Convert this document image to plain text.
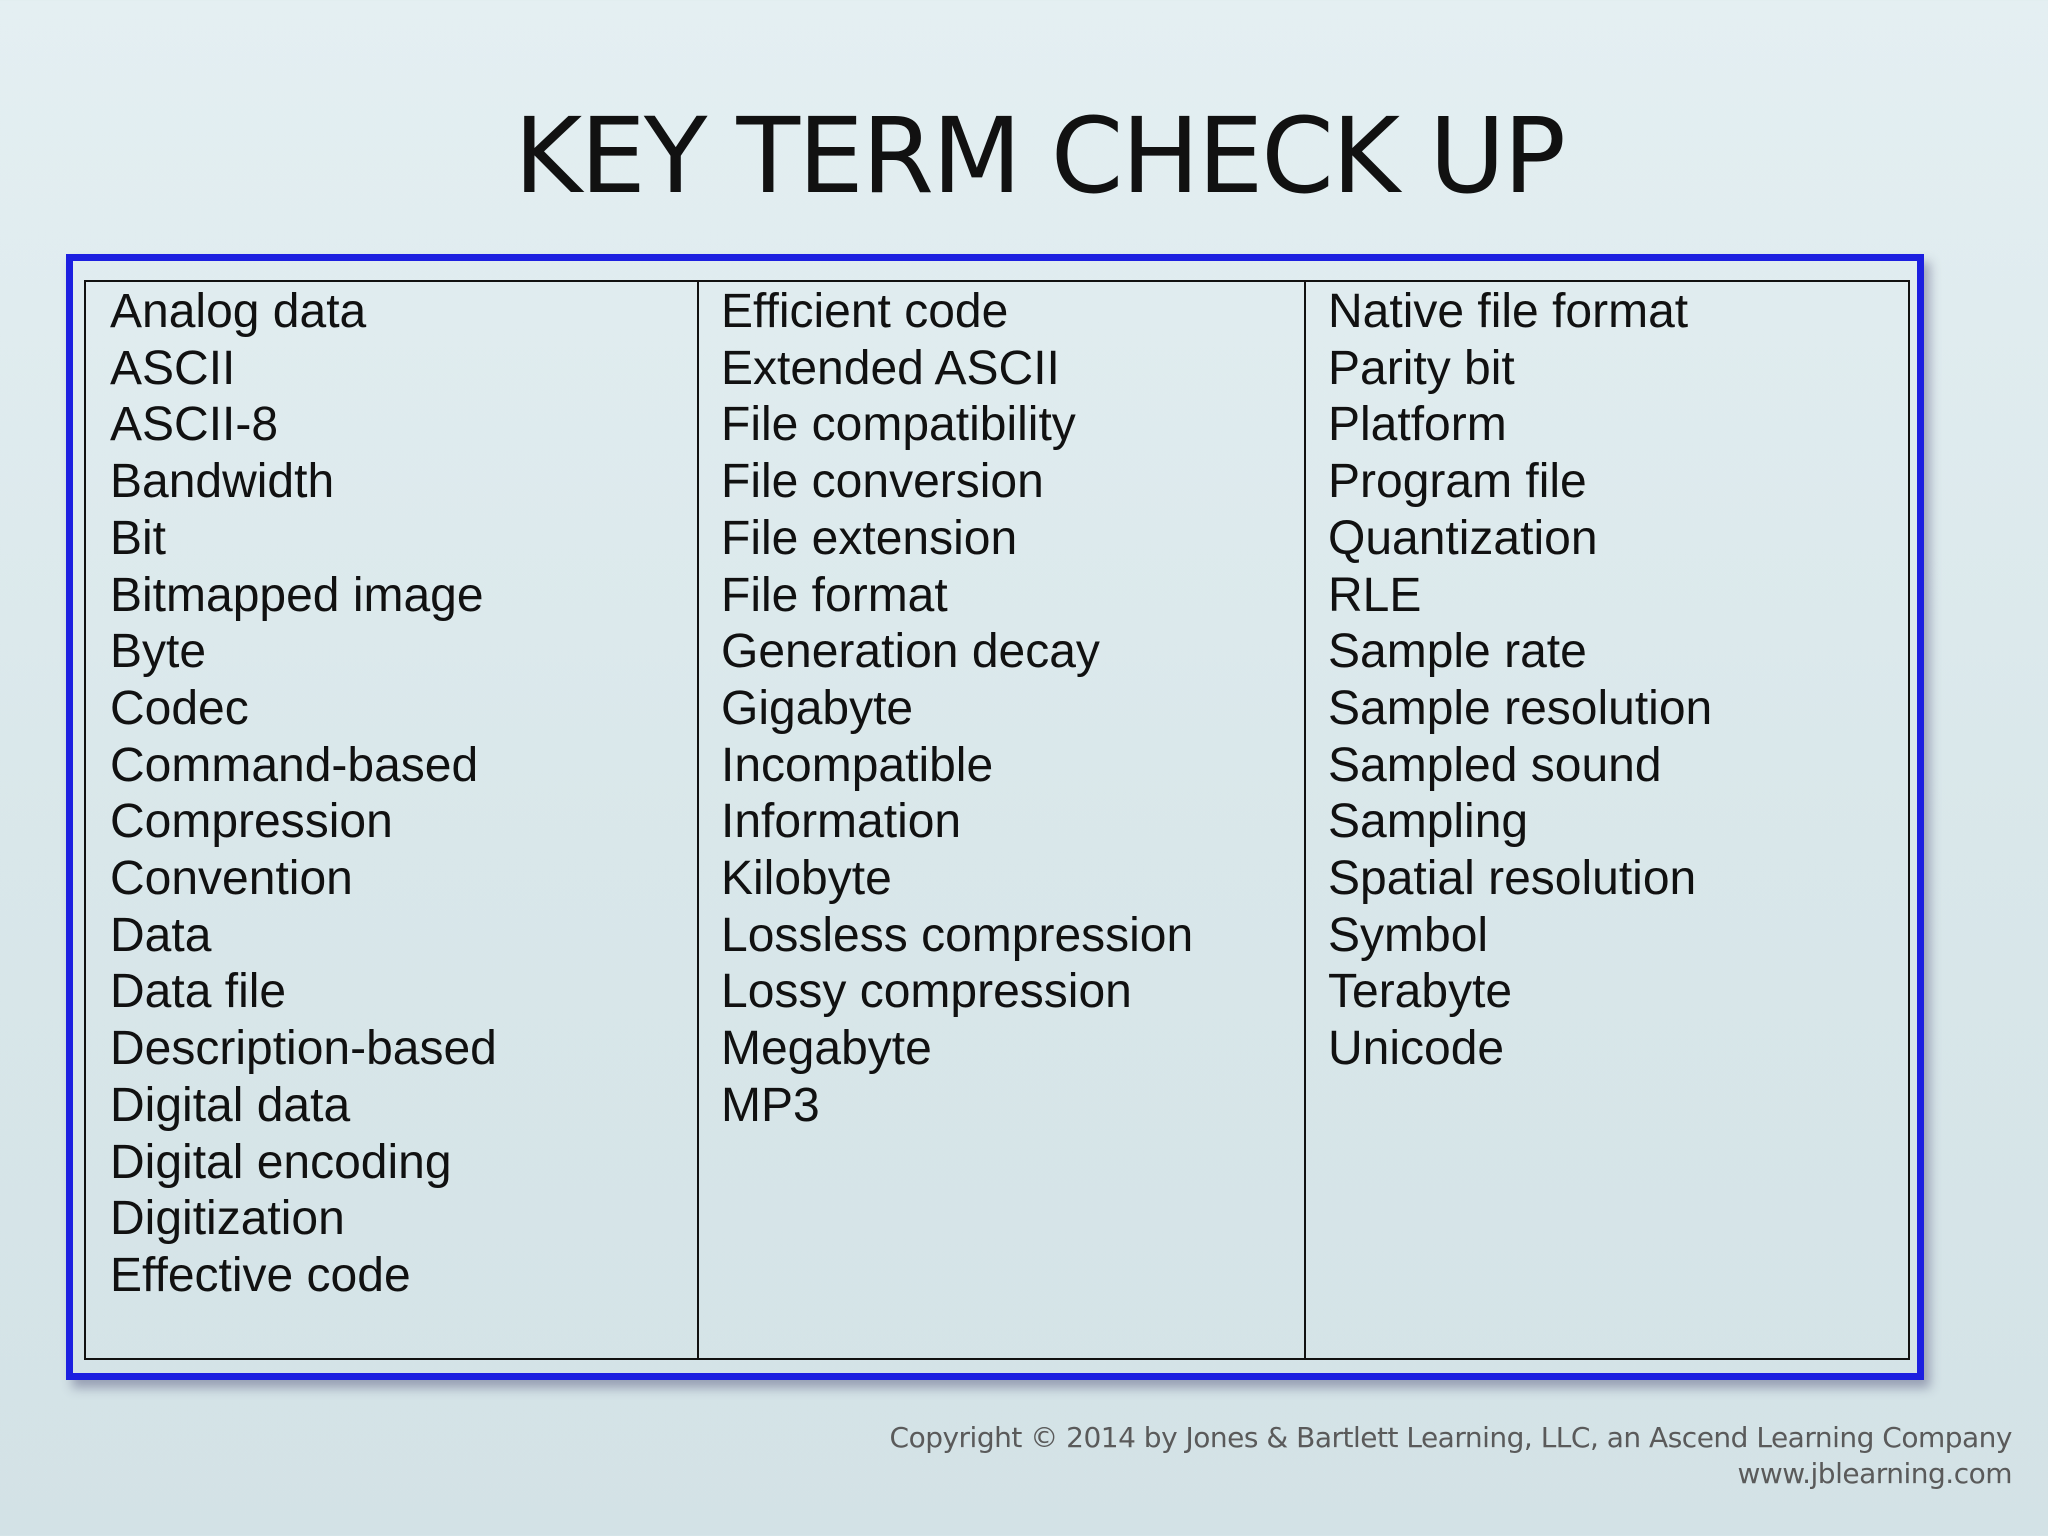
KEY TERM CHECK UP
Analog data
ASCII
ASCII-8
Bandwidth
Bit
Bitmapped image
Byte
Codec
Command-based
Compression
Convention
Data
Data file
Description-based
Digital data
Digital encoding
Digitization
Effective code
Efficient code
Extended ASCII
File compatibility
File conversion
File extension
File format
Generation decay
Gigabyte
Incompatible
Information
Kilobyte
Lossless compression
Lossy compression
Megabyte
MP3
Native file format
Parity bit
Platform
Program file
Quantization
RLE
Sample rate
Sample resolution
Sampled sound
Sampling
Spatial resolution
Symbol
Terabyte
Unicode
Copyright © 2014 by Jones & Bartlett Learning, LLC, an Ascend Learning Company
www.jblearning.com
